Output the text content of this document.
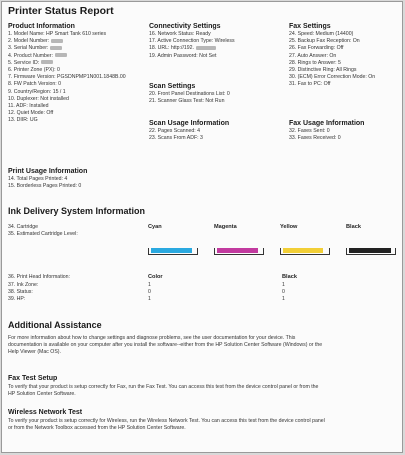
Printer Status Report
Product Information
1. Model Name: HP Smart Tank 610 series
2. Model Number:
3. Serial Number:
4. Product Number:
5. Service ID:
6. Printer Zone (PX): 0
7. Firmware Version: PGSDNPMP1N001.1848B.00
8. FW Patch Version: 0
9. Country/Region: 15 / 1
10. Duplexer: Not installed
11. ADF: Installed
12. Quiet Mode: Off
13. DIIR: UG
Connectivity Settings
16. Network Status: Ready
17. Active Connection Type: Wireless
18. URL: http://192.
19. Admin Password: Not Set
Scan Settings
20. Front Panel Destinations List: 0
21. Scanner Glass Test: Not Run
Scan Usage Information
22. Pages Scanned: 4
23. Scans From ADF: 3
Fax Settings
24. Speed: Medium (14400)
25. Backup Fax Reception: On
26. Fax Forwarding: Off
27. Auto Answer: On
28. Rings to Answer: 5
29. Distinctive Ring: All Rings
30. (ECM) Error Correction Mode: On
31. Fax to PC: Off
Fax Usage Information
32. Faxes Sent: 0
33. Faxes Received: 0
Print Usage Information
14. Total Pages Printed: 4
15. Borderless Pages Printed: 0
Ink Delivery System Information
34. Cartridge
35. Estimated Cartridge Level:
Cyan	Magenta	Yellow	Black
36. Print Head Information:	Color	Black
37. Ink Zone:	1	1
38. Status:	0	0
39. HP:	1	1
Additional Assistance
For more information about how to change settings and diagnose problems, see the user documentation for your device. This
documentation is available on your computer after you install the software--either from the HP Solution Center Software (Windows) or the
Help Viewer (Mac OS).
Fax Test Setup
To verify that your product is setup correctly for Fax, run the Fax Test. You can access this test from the device control panel or from the
HP Solution Center Software.
Wireless Network Test
To verify your product is setup correctly for Wireless, run the Wireless Network Test. You can access this test from the device control panel
or from the Network Toolbox accessed from the HP Solution Center Software.
